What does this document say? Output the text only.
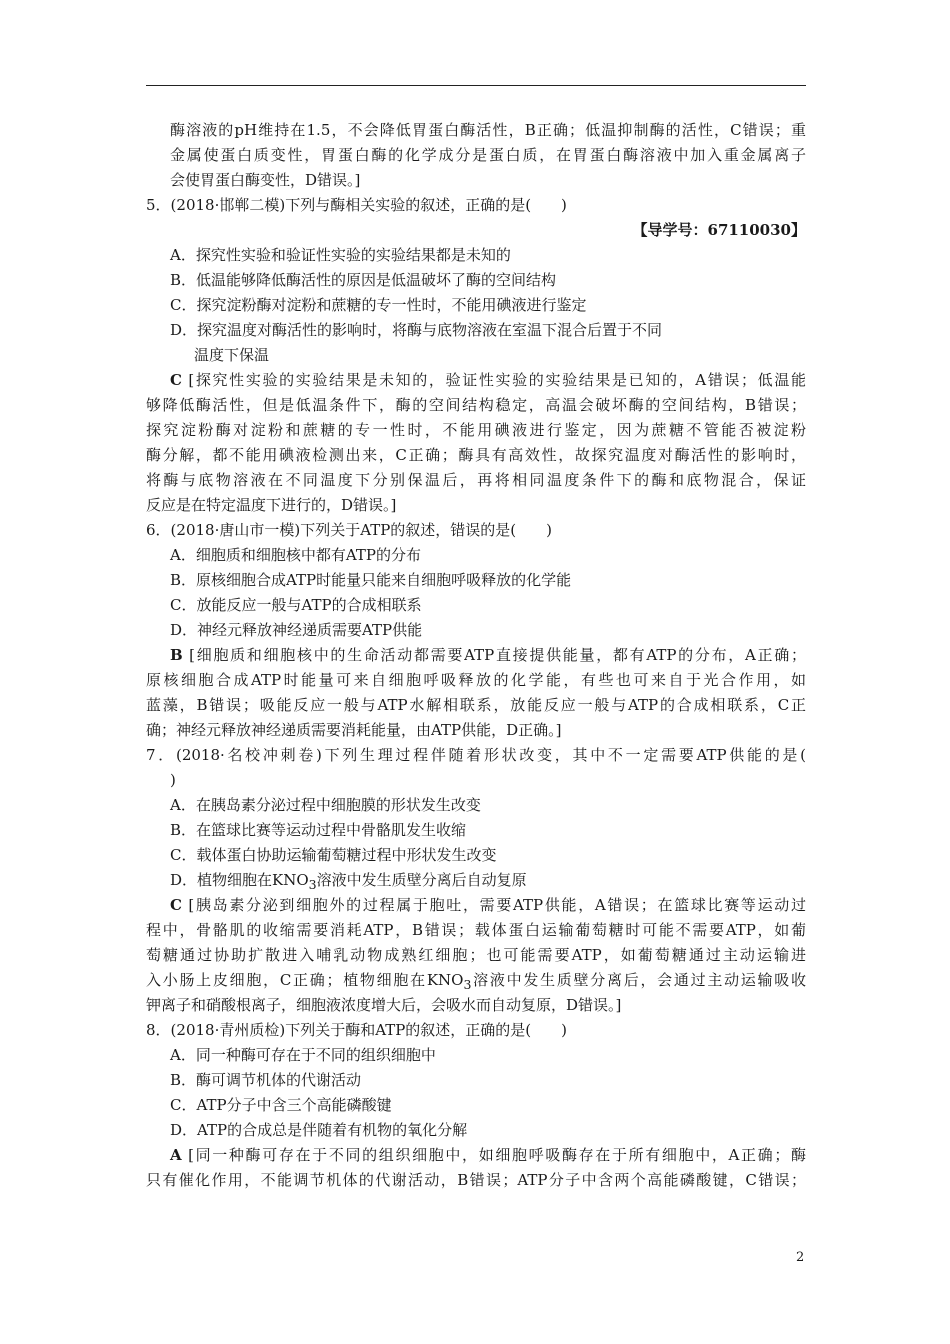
酶溶液的pH维持在1.5，不会降低胃蛋白酶活性，B正确；低温抑制酶的活性，C错误；重
金属使蛋白质变性，胃蛋白酶的化学成分是蛋白质，在胃蛋白酶溶液中加入重金属离子
会使胃蛋白酶变性，D错误。]
5．(2018·邯郸二模)下列与酶相关实验的叙述，正确的是(　　)
【导学号：67110030】
A．探究性实验和验证性实验的实验结果都是未知的
B．低温能够降低酶活性的原因是低温破坏了酶的空间结构
C．探究淀粉酶对淀粉和蔗糖的专一性时，不能用碘液进行鉴定
D．探究温度对酶活性的影响时，将酶与底物溶液在室温下混合后置于不同
温度下保温
C [探究性实验的实验结果是未知的，验证性实验的实验结果是已知的，A错误；低温能
够降低酶活性，但是低温条件下，酶的空间结构稳定，高温会破坏酶的空间结构，B错误；
探究淀粉酶对淀粉和蔗糖的专一性时，不能用碘液进行鉴定，因为蔗糖不管能否被淀粉
酶分解，都不能用碘液检测出来，C正确；酶具有高效性，故探究温度对酶活性的影响时，
将酶与底物溶液在不同温度下分别保温后，再将相同温度条件下的酶和底物混合，保证
反应是在特定温度下进行的，D错误。]
6．(2018·唐山市一模)下列关于ATP的叙述，错误的是(　　)
A．细胞质和细胞核中都有ATP的分布
B．原核细胞合成ATP时能量只能来自细胞呼吸释放的化学能
C．放能反应一般与ATP的合成相联系
D．神经元释放神经递质需要ATP供能
B [细胞质和细胞核中的生命活动都需要ATP直接提供能量，都有ATP的分布，A正确；
原核细胞合成ATP时能量可来自细胞呼吸释放的化学能，有些也可来自于光合作用，如
蓝藻，B错误；吸能反应一般与ATP水解相联系，放能反应一般与ATP的合成相联系，C正
确；神经元释放神经递质需要消耗能量，由ATP供能，D正确。]
7．(2018·名校冲刺卷)下列生理过程伴随着形状改变，其中不一定需要ATP供能的是(
)
A．在胰岛素分泌过程中细胞膜的形状发生改变
B．在篮球比赛等运动过程中骨骼肌发生收缩
C．载体蛋白协助运输葡萄糖过程中形状发生改变
D．植物细胞在$KNO_3$溶液中发生质壁分离后自动复原
C [胰岛素分泌到细胞外的过程属于胞吐，需要ATP供能，A错误；在篮球比赛等运动过
程中，骨骼肌的收缩需要消耗ATP，B错误；载体蛋白运输葡萄糖时可能不需要ATP，如葡
萄糖通过协助扩散进入哺乳动物成熟红细胞；也可能需要ATP，如葡萄糖通过主动运输进
入小肠上皮细胞，C正确；植物细胞在$KNO_3$溶液中发生质壁分离后，会通过主动运输吸收
钾离子和硝酸根离子，细胞液浓度增大后，会吸水而自动复原，D错误。]
8．(2018·青州质检)下列关于酶和ATP的叙述，正确的是(　　)
A．同一种酶可存在于不同的组织细胞中
B．酶可调节机体的代谢活动
C．ATP分子中含三个高能磷酸键
D．ATP的合成总是伴随着有机物的氧化分解
A [同一种酶可存在于不同的组织细胞中，如细胞呼吸酶存在于所有细胞中，A正确；酶
只有催化作用，不能调节机体的代谢活动，B错误；ATP分子中含两个高能磷酸键，C错误；
2
